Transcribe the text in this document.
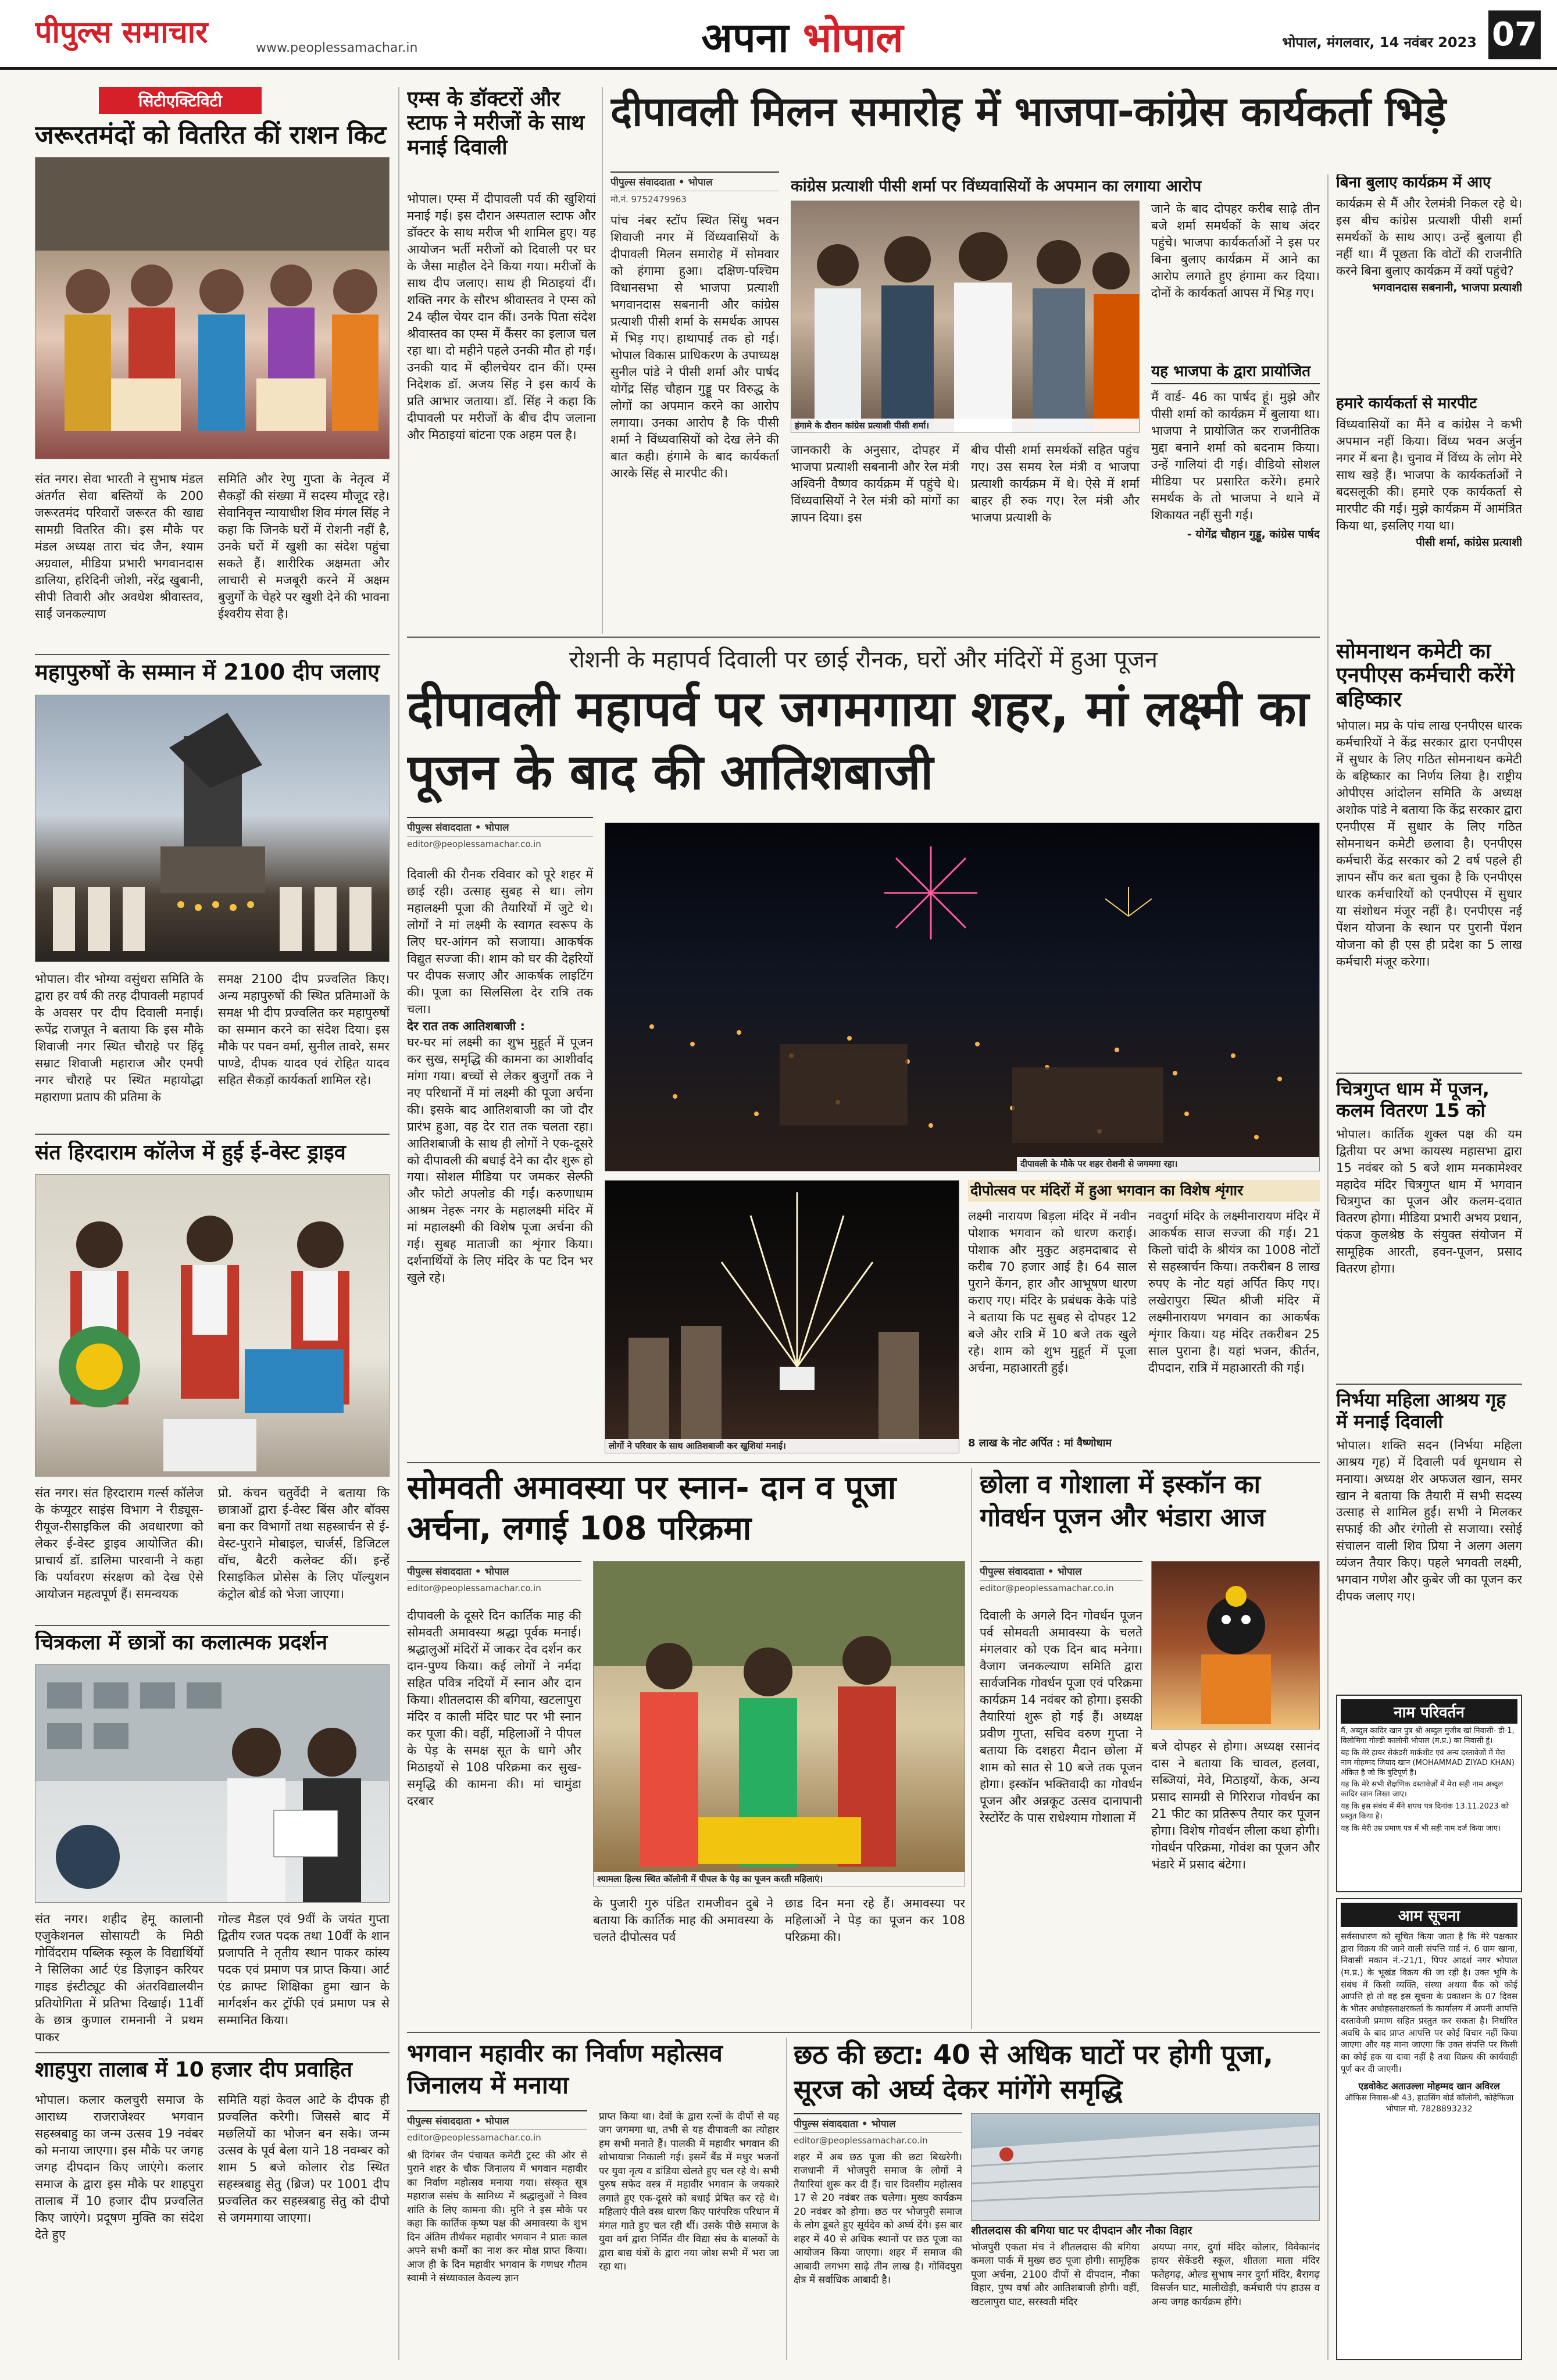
पीपुल्स समाचार	www.peoplessamachar.in	अपना भोपाल	भोपाल, मंगलवार, 14 नवंबर 2023 07
सिटीएक्टिविटी
जरूरतमंदों को वितरित कीं राशन किट
संत नगर। सेवा भारती ने सुभाष मंडल अंतर्गत सेवा बस्तियों के 200 जरूरतमंद परिवारों जरूरत की खाद्य सामग्री वितरित की। इस मौके पर मंडल अध्यक्ष तारा चंद जैन, श्याम अग्रवाल, मीडिया प्रभारी भगवानदास डालिया, हरिदिनी जोशी, नरेंद्र खुबानी, सीपी तिवारी और अवधेश श्रीवास्तव, साईं जनकल्याण
समिति और रेणु गुप्ता के नेतृत्व में सैकड़ों की संख्या में सदस्य मौजूद रहे। सेवानिवृत्त न्यायाधीश शिव मंगल सिंह ने कहा कि जिनके घरों में रोशनी नहीं है, उनके घरों में खुशी का संदेश पहुंचा सकते हैं। शारीरिक अक्षमता और लाचारी से मजबूरी करने में अक्षम बुजुर्गों के चेहरे पर खुशी देने की भावना ईश्वरीय सेवा है।
महापुरुषों के सम्मान में 2100 दीप जलाए
भोपाल। वीर भोग्या वसुंधरा समिति के द्वारा हर वर्ष की तरह दीपावली महापर्व के अवसर पर दीप दिवाली मनाई। रूपेंद्र राजपूत ने बताया कि इस मौके शिवाजी नगर स्थित चौराहे पर हिंदू सम्राट शिवाजी महाराज और एमपी नगर चौराहे पर स्थित महायोद्धा महाराणा प्रताप की प्रतिमा के
समक्ष 2100 दीप प्रज्वलित किए। अन्य महापुरुषों की स्थित प्रतिमाओं के समक्ष भी दीप प्रज्वलित कर महापुरुषों का सम्मान करने का संदेश दिया। इस मौके पर पवन वर्मा, सुनील तावरे, समर पाण्डे, दीपक यादव एवं रोहित यादव सहित सैकड़ों कार्यकर्ता शामिल रहे।
संत हिरदाराम कॉलेज में हुई ई-वेस्ट ड्राइव
संत नगर। संत हिरदाराम गर्ल्स कॉलेज के कंप्यूटर साइंस विभाग ने रीड्यूस-रीयूज-रीसाइकिल की अवधारणा को लेकर ई-वेस्ट ड्राइव आयोजित की। प्राचार्य डॉ. डालिमा पारवानी ने कहा कि पर्यावरण संरक्षण को देख ऐसे आयोजन महत्वपूर्ण हैं। समन्वयक
प्रो. कंचन चतुर्वेदी ने बताया कि छात्राओं द्वारा ई-वेस्ट बिंस और बॉक्स बना कर विभागों तथा सहस्त्रार्चन से ई-वेस्ट-पुराने मोबाइल, चार्जर्स, डिजिटल वॉच, बैटरी कलेक्ट कीं। इन्हें रिसाइकिल प्रोसेस के लिए पॉल्युशन कंट्रोल बोर्ड को भेजा जाएगा।
चित्रकला में छात्रों का कलात्मक प्रदर्शन
संत नगर। शहीद हेमू कालानी एजुकेशनल सोसायटी के मिठी गोविंदराम पब्लिक स्कूल के विद्यार्थियों ने सिलिका आर्ट एंड डिज़ाइन करियर गाइड इंस्टीट्यूट की अंतरविद्यालयीन प्रतियोगिता में प्रतिभा दिखाई। 11वीं के छात्र कुणाल रामनानी ने प्रथम पाकर
गोल्ड मैडल एवं 9वीं के जयंत गुप्ता द्वितीय रजत पदक तथा 10वीं के शान प्रजापति ने तृतीय स्थान पाकर कांस्य पदक एवं प्रमाण पत्र प्राप्त किया। आर्ट एंड क्राफ्ट शिक्षिका हुमा खान के मार्गदर्शन कर ट्रॉफी एवं प्रमाण पत्र से सम्मानित किया।
शाहपुरा तालाब में 10 हजार दीप प्रवाहित
भोपाल। कलार कलचुरी समाज के आराध्य राजराजेश्वर भगवान सहस्त्रबाहु का जन्म उत्सव 19 नवंबर को मनाया जाएगा। इस मौके पर जगह जगह दीपदान किए जाएंगे। कलार समाज के द्वारा इस मौके पर शाहपुरा तालाब में 10 हजार दीप प्रज्वलित किए जाएंगे। प्रदूषण मुक्ति का संदेश देते हुए
समिति यहां केवल आटे के दीपक ही प्रज्वलित करेगी। जिससे बाद में मछलियों का भोजन बन सके। जन्म उत्सव के पूर्व बेला याने 18 नवम्बर को शाम 5 बजे कोलार रोड स्थित सहस्त्रबाहु सेतु (ब्रिज) पर 1001 दीप प्रज्वलित कर सहस्त्रबाहु सेतु को दीपो से जगमगाया जाएगा।
एम्स के डॉक्टरों और स्टाफ ने मरीजों के साथ मनाई दिवाली
भोपाल। एम्स में दीपावली पर्व की खुशियां मनाई गई। इस दौरान अस्पताल स्टाफ और डॉक्टर के साथ मरीज भी शामिल हुए। यह आयोजन भर्ती मरीजों को दिवाली पर घर के जैसा माहौल देने किया गया। मरीजों के साथ दीप जलाए। साथ ही मिठाइयां दीं। शक्ति नगर के सौरभ श्रीवास्तव ने एम्स को 24 व्हील चेयर दान कीं। उनके पिता संदेश श्रीवास्तव का एम्स में कैंसर का इलाज चल रहा था। दो महीने पहले उनकी मौत हो गई। उनकी याद में व्हीलचेयर दान कीं। एम्स निदेशक डॉ. अजय सिंह ने इस कार्य के प्रति आभार जताया। डॉ. सिंह ने कहा कि दीपावली पर मरीजों के बीच दीप जलाना और मिठाइयां बांटना एक अहम पल है।
दीपावली मिलन समारोह में भाजपा-कांग्रेस कार्यकर्ता भिड़े
पीपुल्स संवाददाता • भोपाल
मो.नं. 9752479963
पांच नंबर स्टॉप स्थित सिंधु भवन शिवाजी नगर में विंध्यवासियों के दीपावली मिलन समारोह में सोमवार को हंगामा हुआ। दक्षिण-पश्चिम विधानसभा से भाजपा प्रत्याशी भगवानदास सबनानी और कांग्रेस प्रत्याशी पीसी शर्मा के समर्थक आपस में भिड़ गए। हाथापाई तक हो गई। भोपाल विकास प्राधिकरण के उपाध्यक्ष सुनील पांडे ने पीसी शर्मा और पार्षद योगेंद्र सिंह चौहान गुड्डू पर विरुद्ध के लोगों का अपमान करने का आरोप लगाया। उनका आरोप है कि पीसी शर्मा ने विंध्यवासियों को देख लेने की बात कही। हंगामे के बाद कार्यकर्ता आरके सिंह से मारपीट की।
कांग्रेस प्रत्याशी पीसी शर्मा पर विंध्यवासियों के अपमान का लगाया आरोप
हंगामे के दौरान कांग्रेस प्रत्याशी पीसी शर्मा।
जानकारी के अनुसार, दोपहर में भाजपा प्रत्याशी सबनानी और रेल मंत्री अश्विनी वैष्णव कार्यक्रम में पहुंचे थे। विंध्यवासियों ने रेल मंत्री को मांगों का ज्ञापन दिया। इस
बीच पीसी शर्मा समर्थकों सहित पहुंच गए। उस समय रेल मंत्री व भाजपा प्रत्याशी कार्यक्रम में थे। ऐसे में शर्मा बाहर ही रुक गए। रेल मंत्री और भाजपा प्रत्याशी के
जाने के बाद दोपहर करीब साढ़े तीन बजे शर्मा समर्थकों के साथ अंदर पहुंचे। भाजपा कार्यकर्ताओं ने इस पर बिना बुलाए कार्यक्रम में आने का आरोप लगाते हुए हंगामा कर दिया। दोनों के कार्यकर्ता आपस में भिड़ गए।
यह भाजपा के द्वारा प्रायोजित
मैं वार्ड- 46 का पार्षद हूं। मुझे और पीसी शर्मा को कार्यक्रम में बुलाया था। भाजपा ने प्रायोजित कर राजनीतिक मुद्दा बनाने शर्मा को बदनाम किया। उन्हें गालियां दी गई। वीडियो सोशल मीडिया पर प्रसारित करेंगे। हमारे समर्थक के तो भाजपा ने थाने में शिकायत नहीं सुनी गई।
- योगेंद्र चौहान गुड्डू, कांग्रेस पार्षद
बिना बुलाए कार्यक्रम में आए
कार्यक्रम से मैं और रेलमंत्री निकल रहे थे। इस बीच कांग्रेस प्रत्याशी पीसी शर्मा समर्थकों के साथ आए। उन्हें बुलाया ही नहीं था। मैं पूछता कि वोटों की राजनीति करने बिना बुलाए कार्यक्रम में क्यों पहुंचे?
भगवानदास सबनानी, भाजपा प्रत्याशी
हमारे कार्यकर्ता से मारपीट
विंध्यवासियों का मैंने व कांग्रेस ने कभी अपमान नहीं किया। विंध्य भवन अर्जुन नगर में बना है। चुनाव में विंध्य के लोग मेरे साथ खड़े हैं। भाजपा के कार्यकर्ताओं ने बदसलूकी की। हमारे एक कार्यकर्ता से मारपीट की गई। मुझे कार्यक्रम में आमंत्रित किया था, इसलिए गया था।
पीसी शर्मा, कांग्रेस प्रत्याशी
रोशनी के महापर्व दिवाली पर छाई रौनक, घरों और मंदिरों में हुआ पूजन
दीपावली महापर्व पर जगमगाया शहर, मां लक्ष्मी का पूजन के बाद की आतिशबाजी
पीपुल्स संवाददाता • भोपाल
editor@peoplessamachar.co.in
दिवाली की रौनक रविवार को पूरे शहर में छाई रही। उत्साह सुबह से था। लोग महालक्ष्मी पूजा की तैयारियों में जुटे थे। लोगों ने मां लक्ष्मी के स्वागत स्वरूप के लिए घर-आंगन को सजाया। आकर्षक विद्युत सज्जा की। शाम को घर की देहरियों पर दीपक सजाए और आकर्षक लाइटिंग की। पूजा का सिलसिला देर रात्रि तक चला।
देर रात तक आतिशबाजी :
घर-घर मां लक्ष्मी का शुभ मुहूर्त में पूजन कर सुख, समृद्धि की कामना का आशीर्वाद मांगा गया। बच्चों से लेकर बुजुर्गों तक ने नए परिधानों में मां लक्ष्मी की पूजा अर्चना की। इसके बाद आतिशबाजी का जो दौर प्रारंभ हुआ, वह देर रात तक चलता रहा। आतिशबाजी के साथ ही लोगों ने एक-दूसरे को दीपावली की बधाई देने का दौर शुरू हो गया। सोशल मीडिया पर जमकर सेल्फी और फोटो अपलोड की गईं। करुणाधाम आश्रम नेहरू नगर के महालक्ष्मी मंदिर में मां महालक्ष्मी की विशेष पूजा अर्चना की गई। सुबह माताजी का शृंगार किया। दर्शनार्थियों के लिए मंदिर के पट दिन भर खुले रहे।
दीपावली के मौके पर शहर रोशनी से जगमगा रहा।
लोगों ने परिवार के साथ आतिशबाजी कर खुशियां मनाई।
दीपोत्सव पर मंदिरों में हुआ भगवान का विशेष शृंगार
लक्ष्मी नारायण बिड़ला मंदिर में नवीन पोशाक भगवान को धारण कराई। पोशाक और मुकुट अहमदाबाद से करीब 70 हजार आई है। 64 साल पुराने केंगन, हार और आभूषण धारण कराए गए। मंदिर के प्रबंधक केके पांडे ने बताया कि पट सुबह से दोपहर 12 बजे और रात्रि में 10 बजे तक खुले रहे। शाम को शुभ मुहूर्त में पूजा अर्चना, महाआरती हुई।
8 लाख के नोट अर्पित : मां वैष्णोधाम
नवदुर्गा मंदिर के लक्ष्मीनारायण मंदिर में आकर्षक साज सज्जा की गई। 21 किलो चांदी के श्रीयंत्र का 1008 नोटों से सहस्त्रार्चन किया। तकरीबन 8 लाख रुपए के नोट यहां अर्पित किए गए। लखेरापुरा स्थित श्रीजी मंदिर में लक्ष्मीनारायण भगवान का आकर्षक शृंगार किया। यह मंदिर तकरीबन 25 साल पुराना है। यहां भजन, कीर्तन, दीपदान, रात्रि में महाआरती की गई।
सोमनाथन कमेटी का एनपीएस कर्मचारी करेंगे बहिष्कार
भोपाल। मप्र के पांच लाख एनपीएस धारक कर्मचारियों ने केंद्र सरकार द्वारा एनपीएस में सुधार के लिए गठित सोमनाथन कमेटी के बहिष्कार का निर्णय लिया है। राष्ट्रीय ओपीएस आंदोलन समिति के अध्यक्ष अशोक पांडे ने बताया कि केंद्र सरकार द्वारा एनपीएस में सुधार के लिए गठित सोमनाथन कमेटी छलावा है। एनपीएस कर्मचारी केंद्र सरकार को 2 वर्ष पहले ही ज्ञापन सौंप कर बता चुका है कि एनपीएस धारक कर्मचारियों को एनपीएस में सुधार या संशोधन मंजूर नहीं है। एनपीएस नई पेंशन योजना के स्थान पर पुरानी पेंशन योजना को ही एस ही प्रदेश का 5 लाख कर्मचारी मंजूर करेगा।
चित्रगुप्त धाम में पूजन, कलम वितरण 15 को
भोपाल। कार्तिक शुक्ल पक्ष की यम द्वितीया पर अभा कायस्थ महासभा द्वारा 15 नवंबर को 5 बजे शाम मनकामेश्वर महादेव मंदिर चित्रगुप्त धाम में भगवान चित्रगुप्त का पूजन और कलम-दवात वितरण होगा। मीडिया प्रभारी अभय प्रधान, पंकज कुलश्रेष्ठ के संयुक्त संयोजन में सामूहिक आरती, हवन-पूजन, प्रसाद वितरण होगा।
निर्भया महिला आश्रय गृह में मनाई दिवाली
भोपाल। शक्ति सदन (निर्भया महिला आश्रय गृह) में दिवाली पर्व धूमधाम से मनाया। अध्यक्ष शेर अफजल खान, समर खान ने बताया कि तैयारी में सभी सदस्य उत्साह से शामिल हुईं। सभी ने मिलकर सफाई की और रंगोली से सजाया। रसोई संचालन वाली शिव प्रिया ने अलग अलग व्यंजन तैयार किए। पहले भगवती लक्ष्मी, भगवान गणेश और कुबेर जी का पूजन कर दीपक जलाए गए।
नाम परिवर्तन
मैं, अब्दुल कादिर खान पुत्र श्री अब्दुल मुजीब खां निवासी- डी-1, विलोमिगा गोल्डी कालोनी भोपाल (म.प्र.) का निवासी हूं।
यह कि मेरे हायर सेकंडरी मार्कशीट एवं अन्य दस्तावेजों में मेरा नाम मोहम्मद जियाद खान (MOHAMMAD ZIYAD KHAN) अंकित है जो कि त्रुटिपूर्ण है।
यह कि मेरे सभी शैक्षणिक दस्तावेज़ों में मेरा सही नाम अब्दुल कादिर खान लिखा जाए।
यह कि इस संबंध में मैंने शपथ पत्र दिनांक 13.11.2023 को प्रस्तुत किया है।
यह कि मेरी उम्र प्रमाण पत्र में भी सही नाम दर्ज किया जाए।
आम सूचना
सर्वसाधारण को सूचित किया जाता है कि मेरे पक्षकार द्वारा विक्रय की जाने वाली संपत्ति वार्ड नं. 6 ग्राम खाना, निवासी मकान नं.-21/1, पिपर आदर्श नगर भोपाल (म.प्र.) के भूखंड विक्रय की जा रही है। उक्त भूमि के संबंध में किसी व्यक्ति, संस्था अथवा बैंक को कोई आपत्ति हो तो वह इस सूचना के प्रकाशन के 07 दिवस के भीतर अधोहस्ताक्षरकर्ता के कार्यालय में अपनी आपत्ति दस्तावेजी प्रमाण सहित प्रस्तुत कर सकता है। निर्धारित अवधि के बाद प्राप्त आपत्ति पर कोई विचार नहीं किया जाएगा और यह माना जाएगा कि उक्त संपत्ति पर किसी का कोई हक या दावा नहीं है तथा विक्रय की कार्यवाही पूर्ण कर दी जाएगी।
एडवोकेट अताउल्ला मोहम्मद खान अविरल
ऑफिस निवास-श्री 43, हाउसिंग बोर्ड कॉलोनी, कोहेफिजा भोपाल मो. 7828893232
सोमवती अमावस्या पर स्नान- दान व पूजा अर्चना, लगाई 108 परिक्रमा
पीपुल्स संवाददाता • भोपाल
editor@peoplessamachar.co.in
दीपावली के दूसरे दिन कार्तिक माह की सोमवती अमावस्या श्रद्धा पूर्वक मनाई। श्रद्धालुओं मंदिरों में जाकर देव दर्शन कर दान-पुण्य किया। कई लोगों ने नर्मदा सहित पवित्र नदियों में स्नान और दान किया। शीतलदास की बगिया, खटलापुरा मंदिर व काली मंदिर घाट पर भी स्नान कर पूजा की। वहीं, महिलाओं ने पीपल के पेड़ के समक्ष सूत के धागे और मिठाइयों से 108 परिक्रमा कर सुख-समृद्धि की कामना की। मां चामुंडा दरबार
श्यामला हिल्स स्थित कॉलोनी में पीपल के पेड़ का पूजन करती महिलाएं।
के पुजारी गुरु पंडित रामजीवन दुबे ने बताया कि कार्तिक माह की अमावस्या के चलते दीपोत्सव पर्व
छाड दिन मना रहे हैं। अमावस्या पर महिलाओं ने पेड़ का पूजन कर 108 परिक्रमा की।
छोला व गोशाला में इस्कॉन का गोवर्धन पूजन और भंडारा आज
पीपुल्स संवाददाता • भोपाल
editor@peoplessamachar.co.in
दिवाली के अगले दिन गोवर्धन पूजन पर्व सोमवती अमावस्या के चलते मंगलवार को एक दिन बाद मनेगा। वैजाग जनकल्याण समिति द्वारा सार्वजनिक गोवर्धन पूजा एवं परिक्रमा कार्यक्रम 14 नवंबर को होगा। इसकी तैयारियां शुरू हो गई हैं। अध्यक्ष प्रवीण गुप्ता, सचिव वरुण गुप्ता ने बताया कि दशहरा मैदान छोला में शाम को सात से 10 बजे तक पूजन होगा। इस्कॉन भक्तिवादी का गोवर्धन पूजन और अन्नकूट उत्सव दानापानी रेस्टोरेंट के पास राधेश्याम गोशाला में
बजे दोपहर से होगा। अध्यक्ष रसानंद दास ने बताया कि चावल, हलवा, सब्जियां, मेवे, मिठाइयों, केक, अन्य प्रसाद सामग्री से गिरिराज गोवर्धन का 21 फीट का प्रतिरूप तैयार कर पूजन होगा। विशेष गोवर्धन लीला कथा होगी। गोवर्धन परिक्रमा, गोवंश का पूजन और भंडारे में प्रसाद बंटेगा।
भगवान महावीर का निर्वाण महोत्सव जिनालय में मनाया
पीपुल्स संवाददाता • भोपाल
editor@peoplessamachar.co.in
श्री दिगंबर जैन पंचायत कमेटी ट्रस्ट की ओर से पुराने शहर के चौक जिनालय में भगवान महावीर का निर्वाण महोत्सव मनाया गया। संस्कृत सूत्र महाराज ससंघ के सानिध्य में श्रद्धालुओं ने विश्व शांति के लिए कामना की। मुनि ने इस मौके पर कहा कि कार्तिक कृष्ण पक्ष की अमावस्या के शुभ दिन अंतिम तीर्थंकर महावीर भगवान ने प्रातः काल अपने सभी कर्मों का नाश कर मोक्ष प्राप्त किया। आज ही के दिन महावीर भगवान के गणधर गौतम स्वामी ने संध्याकाल कैवल्य ज्ञान
प्राप्त किया था। देवों के द्वारा रत्नों के दीपों से यह जग जगमगा था, तभी से यह दीपावली का त्योहार हम सभी मनाते हैं। पालकी में महावीर भगवान की शोभायात्रा निकाली गई। इसमें बैंड में मधुर भजनों पर युवा नृत्य व डांडिया खेलते हुए चल रहे थे। सभी पुरुष सफेद वस्त्र में महावीर भगवान के जयकारे लगाते हुए एक-दूसरे को बधाई प्रेषित कर रहे थे। महिलाएं पीले वस्त्र धारण किए पारंपरिक परिधान में मंगल गाते हुए चल रही थीं। उसके पीछे समाज के युवा वर्ग द्वारा निर्मित वीर विद्या संघ के बालकों के द्वारा बाद्य यंत्रों के द्वारा नया जोश सभी में भरा जा रहा था।
छठ की छटा: 40 से अधिक घाटों पर होगी पूजा, सूरज को अर्घ्य देकर मांगेंगे समृद्धि
पीपुल्स संवाददाता • भोपाल
editor@peoplessamachar.co.in
शहर में अब छठ पूजा की छटा बिखरेगी। राजधानी में भोजपुरी समाज के लोगों ने तैयारियां शुरू कर दी हैं। चार दिवसीय महोत्सव 17 से 20 नवंबर तक चलेगा। मुख्य कार्यक्रम 20 नवंबर को होगा। छठ पर भोजपुरी समाज के लोग डूबते हुए सूर्यदेव को अर्घ्य देंगे। इस बार शहर में 40 से अधिक स्थानों पर छठ पूजा का आयोजन किया जाएगा। शहर में समाज की आबादी लगभग साढ़े तीन लाख है। गोविंदपुरा क्षेत्र में सर्वाधिक आबादी है।
शीतलदास की बगिया घाट पर दीपदान और नौका विहार
भोजपुरी एकता मंच ने शीतलदास की बगिया कमला पार्क में मुख्य छठ पूजा होगी। सामूहिक पूजा अर्चना, 2100 दीपों से दीपदान, नौका विहार, पुष्प वर्षा और आतिशबाजी होगी। वहीं, खटलापुरा घाट, सरस्वती मंदिर
अयप्पा नगर, दुर्गा मंदिर कोलार, विवेकानंद हायर सेकेंडरी स्कूल, शीतला माता मंदिर फतेहगढ़, ओल्ड सुभाष नगर दुर्गा मंदिर, बैरागढ़ विसर्जन घाट, मालीखेड़ी, कर्मचारी पंप हाउस व अन्य जगह कार्यक्रम होंगे।
